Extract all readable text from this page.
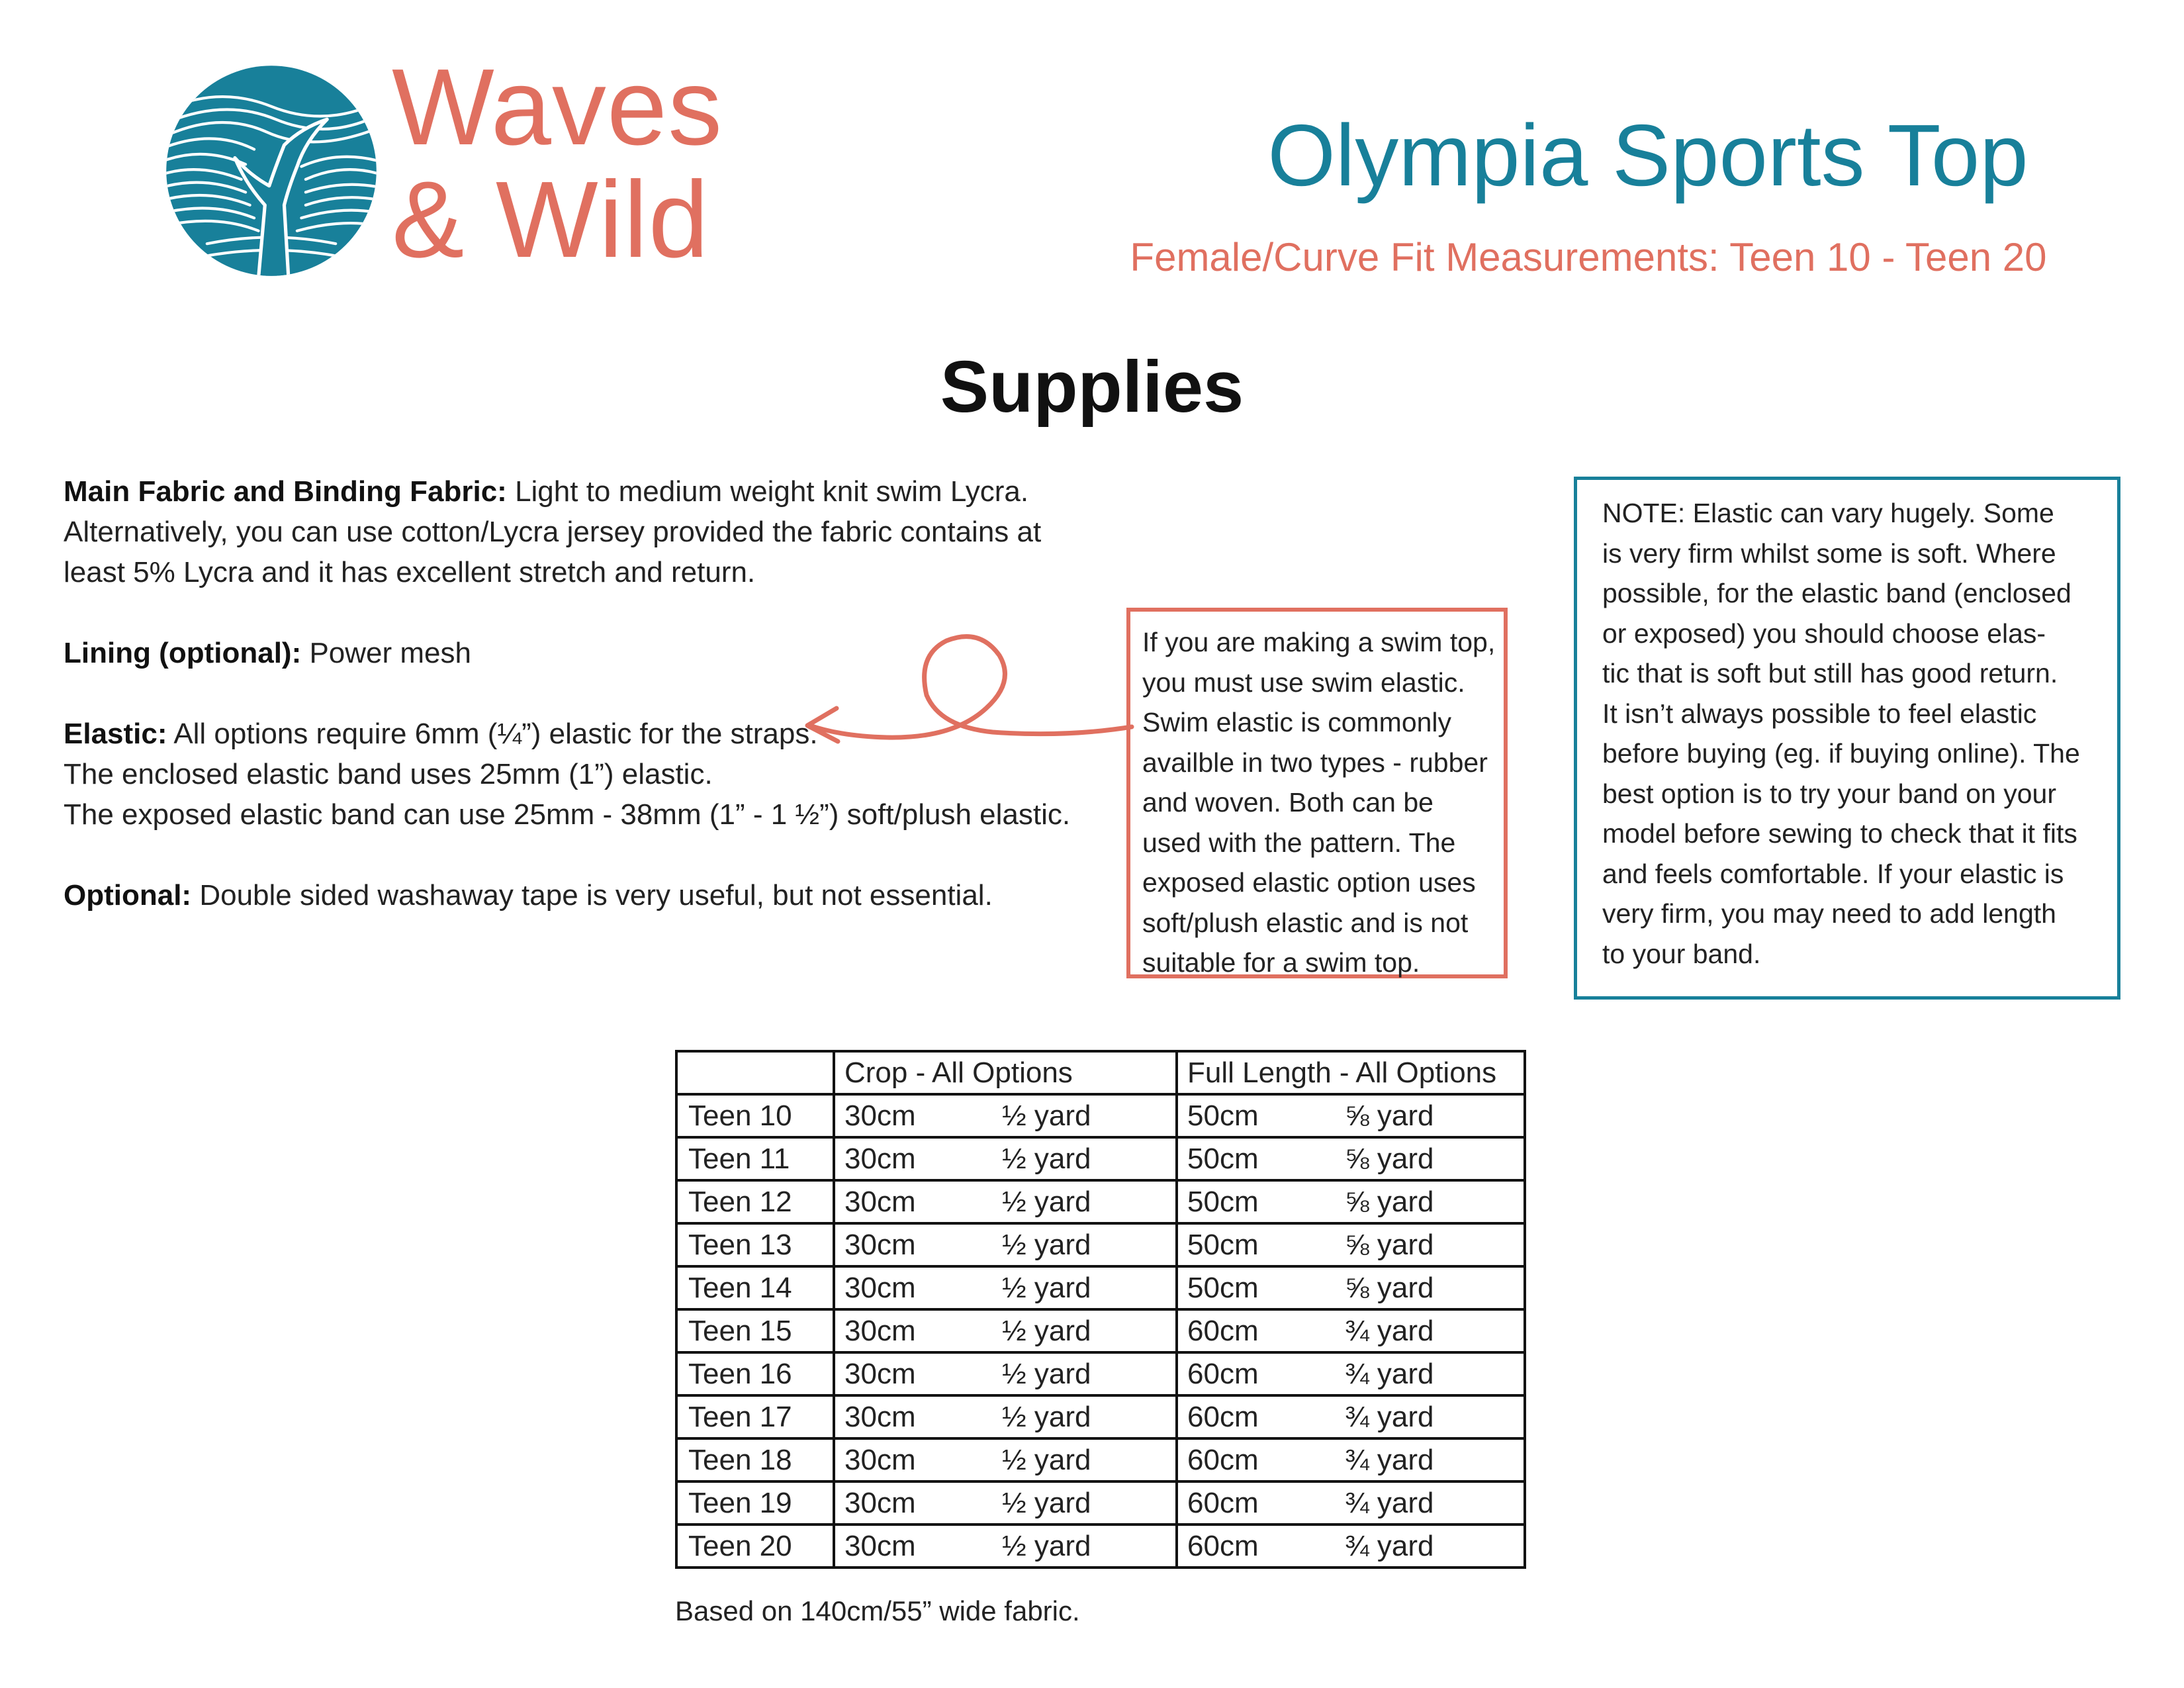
Waves
& Wild
Olympia Sports Top
Female/Curve Fit Measurements: Teen 10 - Teen 20
Supplies

Main Fabric and Binding Fabric: Light to medium weight knit swim Lycra.
Alternatively, you can use cotton/Lycra jersey provided the fabric contains at
least 5% Lycra and it has excellent stretch and return.

Lining (optional): Power mesh

Elastic: All options require 6mm (¼”) elastic for the straps.
The enclosed elastic band uses 25mm (1”) elastic.
The exposed elastic band can use 25mm - 38mm (1” - 1 ½”) soft/plush elastic.

Optional: Double sided washaway tape is very useful, but not essential.

If you are making a swim top,
you must use swim elastic.
Swim elastic is commonly
availble in two types - rubber
and woven. Both can be
used with the pattern. The
exposed elastic option uses
soft/plush elastic and is not
suitable for a swim top.
NOTE: Elastic can vary hugely. Some
is very firm whilst some is soft. Where
possible, for the elastic band (enclosed
or exposed) you should choose elas-
tic that is soft but still has good return.
It isn’t always possible to feel elastic
before buying (eg. if buying online). The
best option is to try your band on your
model before sewing to check that it fits
and feels comfortable. If your elastic is
very firm, you may need to add length
to your band.
	Crop - All Options	Full Length - All Options
Teen 10	30cm ½ yard	50cm ⅝ yard

Teen 11	30cm ½ yard	50cm ⅝ yard

Teen 12	30cm ½ yard	50cm ⅝ yard

Teen 13	30cm ½ yard	50cm ⅝ yard

Teen 14	30cm ½ yard	50cm ⅝ yard

Teen 15	30cm ½ yard	60cm ¾ yard

Teen 16	30cm ½ yard	60cm ¾ yard

Teen 17	30cm ½ yard	60cm ¾ yard

Teen 18	30cm ½ yard	60cm ¾ yard

Teen 19	30cm ½ yard	60cm ¾ yard

Teen 20	30cm ½ yard	60cm ¾ yard
Based on 140cm/55” wide fabric.
